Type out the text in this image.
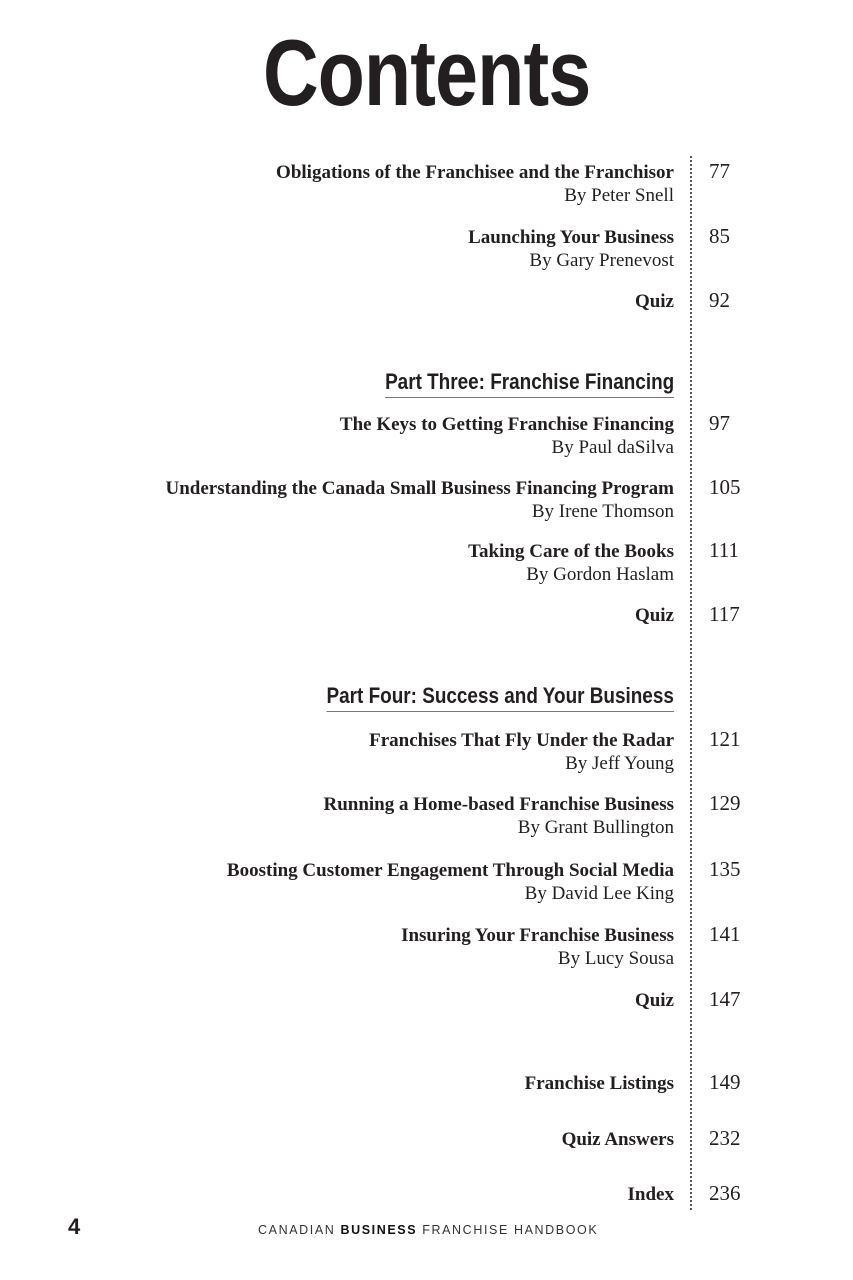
Contents
Obligations of the Franchisee and the Franchisor
By Peter Snell
77
Launching Your Business
By Gary Prenevost
85
Quiz 92
Part Three: Franchise Financing
The Keys to Getting Franchise Financing
By Paul daSilva
97
Understanding the Canada Small Business Financing Program
By Irene Thomson
105
Taking Care of the Books
By Gordon Haslam
111
Quiz 117
Part Four: Success and Your Business
Franchises That Fly Under the Radar
By Jeff Young
121
Running a Home-based Franchise Business
By Grant Bullington
129
Boosting Customer Engagement Through Social Media
By David Lee King
135
Insuring Your Franchise Business
By Lucy Sousa
141
Quiz 147
Franchise Listings 149
Quiz Answers 232
Index 236
4	CANADIAN BUSINESS FRANCHISE HANDBOOK
